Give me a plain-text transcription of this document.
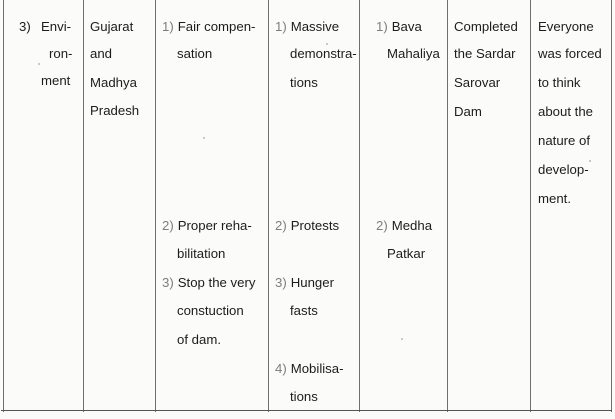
3) Envi-
ron-
ment
Gujarat
and
Madhya
Pradesh
1) Fair compen-
sation
2) Proper reha-
bilitation
3) Stop the very
constuction
of dam.
1) Massive
demonstra-
tions
2) Protests
3) Hunger
fasts
4) Mobilisa-
tions
1) Bava
Mahaliya
2) Medha
Patkar
Completed
the Sardar
Sarovar
Dam
Everyone
was forced
to think
about the
nature of
develop-
ment.
